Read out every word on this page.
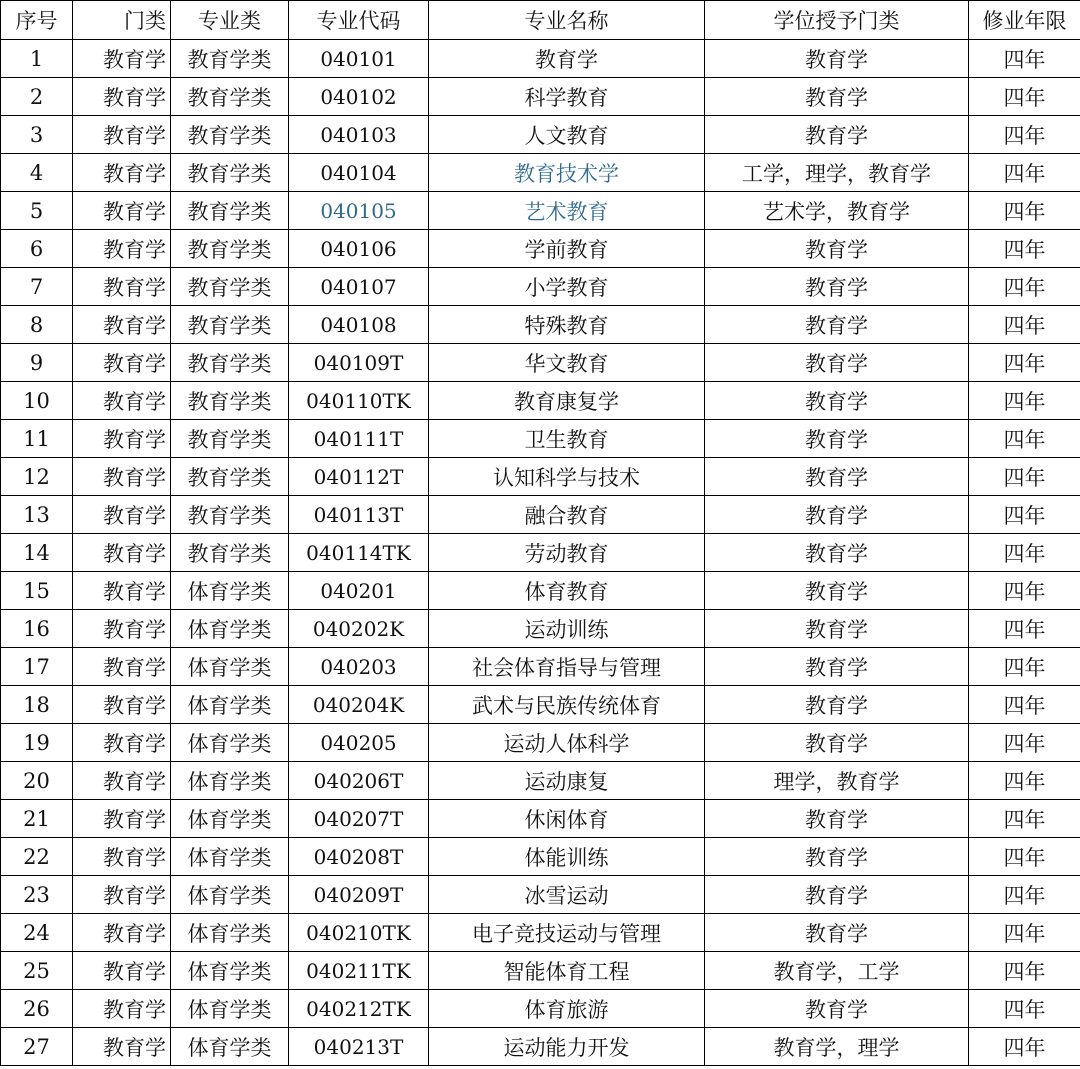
序号	门类	专业类	专业代码	专业名称	学位授予门类	修业年限
1	教育学	教育学类	040101	教育学	教育学	四年
2	教育学	教育学类	040102	科学教育	教育学	四年
3	教育学	教育学类	040103	人文教育	教育学	四年
4	教育学	教育学类	040104	教育技术学	工学，理学，教育学	四年
5	教育学	教育学类	040105	艺术教育	艺术学，教育学	四年
6	教育学	教育学类	040106	学前教育	教育学	四年
7	教育学	教育学类	040107	小学教育	教育学	四年
8	教育学	教育学类	040108	特殊教育	教育学	四年
9	教育学	教育学类	040109T	华文教育	教育学	四年
10	教育学	教育学类	040110TK	教育康复学	教育学	四年
11	教育学	教育学类	040111T	卫生教育	教育学	四年
12	教育学	教育学类	040112T	认知科学与技术	教育学	四年
13	教育学	教育学类	040113T	融合教育	教育学	四年
14	教育学	教育学类	040114TK	劳动教育	教育学	四年
15	教育学	体育学类	040201	体育教育	教育学	四年
16	教育学	体育学类	040202K	运动训练	教育学	四年
17	教育学	体育学类	040203	社会体育指导与管理	教育学	四年
18	教育学	体育学类	040204K	武术与民族传统体育	教育学	四年
19	教育学	体育学类	040205	运动人体科学	教育学	四年
20	教育学	体育学类	040206T	运动康复	理学，教育学	四年
21	教育学	体育学类	040207T	休闲体育	教育学	四年
22	教育学	体育学类	040208T	体能训练	教育学	四年
23	教育学	体育学类	040209T	冰雪运动	教育学	四年
24	教育学	体育学类	040210TK	电子竞技运动与管理	教育学	四年
25	教育学	体育学类	040211TK	智能体育工程	教育学，工学	四年
26	教育学	体育学类	040212TK	体育旅游	教育学	四年
27	教育学	体育学类	040213T	运动能力开发	教育学，理学	四年
